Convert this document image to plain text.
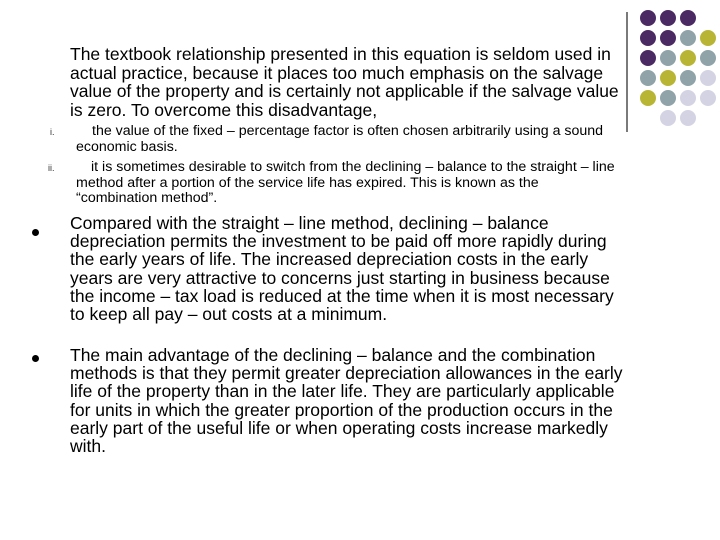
The textbook relationship presented in this equation is seldom used in actual practice, because it places too much emphasis on the salvage value of the property and is certainly not applicable if the salvage value is zero. To overcome this disadvantage,

i.	the value of the fixed – percentage factor is often chosen arbitrarily using a sound economic basis.

ii.	it is sometimes desirable to switch from the declining – balance to the straight – line method after a portion of the service life has expired. This is known as the “combination method”.

Compared with the straight – line method, declining – balance depreciation permits the investment to be paid off more rapidly during the early years of life. The increased depreciation costs in the early years are very attractive to concerns just starting in business because the income – tax load is reduced at the time when it is most necessary to keep all pay – out costs at a minimum.

The main advantage of the declining – balance and the combination methods is that they permit greater depreciation allowances in the early life of the property than in the later life. They are particularly applicable for units in which the greater proportion of the production occurs in the early part of the useful life or when operating costs increase markedly with.
